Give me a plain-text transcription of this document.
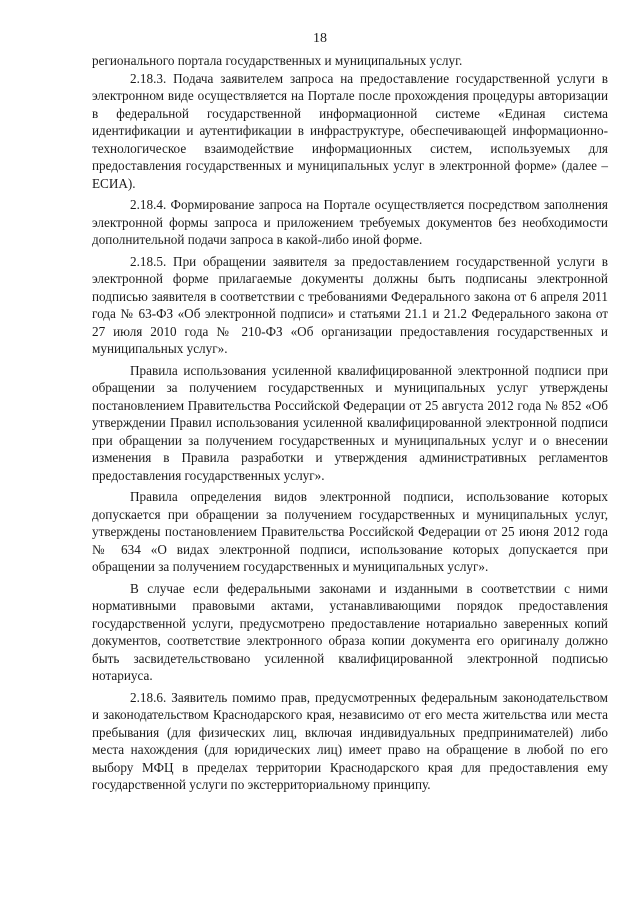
18

регионального портала государственных и муниципальных услуг.

2.18.3. Подача заявителем запроса на предоставление государственной услуги в электронном виде осуществляется на Портале после прохождения процедуры авторизации в федеральной государственной информационной системе «Единая система идентификации и аутентификации в инфраструктуре, обеспечивающей информационно-технологическое взаимодействие информационных систем, используемых для предоставления государственных и муниципальных услуг в электронной форме» (далее – ЕСИА).

2.18.4. Формирование запроса на Портале осуществляется посредством заполнения электронной формы запроса и приложением требуемых документов без необходимости дополнительной подачи запроса в какой-либо иной форме.

2.18.5. При обращении заявителя за предоставлением государственной услуги в электронной форме прилагаемые документы должны быть подписаны электронной подписью заявителя в соответствии с требованиями Федерального закона от 6 апреля 2011 года № 63-ФЗ «Об электронной подписи» и статьями 21.1 и 21.2 Федерального закона от 27 июля 2010 года № 210-ФЗ «Об организации предоставления государственных и муниципальных услуг».

Правила использования усиленной квалифицированной электронной подписи при обращении за получением государственных и муниципальных услуг утверждены постановлением Правительства Российской Федерации от 25 августа 2012 года № 852 «Об утверждении Правил использования усиленной квалифицированной электронной подписи при обращении за получением государственных и муниципальных услуг и о внесении изменения в Правила разработки и утверждения административных регламентов предоставления государственных услуг».

Правила определения видов электронной подписи, использование которых допускается при обращении за получением государственных и муниципальных услуг, утверждены постановлением Правительства Российской Федерации от 25 июня 2012 года № 634 «О видах электронной подписи, использование которых допускается при обращении за получением государственных и муниципальных услуг».

В случае если федеральными законами и изданными в соответствии с ними нормативными правовыми актами, устанавливающими порядок предоставления государственной услуги, предусмотрено предоставление нотариально заверенных копий документов, соответствие электронного образа копии документа его оригиналу должно быть засвидетельствовано усиленной квалифицированной электронной подписью нотариуса.

2.18.6. Заявитель помимо прав, предусмотренных федеральным законодательством и законодательством Краснодарского края, независимо от его места жительства или места пребывания (для физических лиц, включая индивидуальных предпринимателей) либо места нахождения (для юридических лиц) имеет право на обращение в любой по его выбору МФЦ в пределах территории Краснодарского края для предоставления ему государственной услуги по экстерриториальному принципу.
